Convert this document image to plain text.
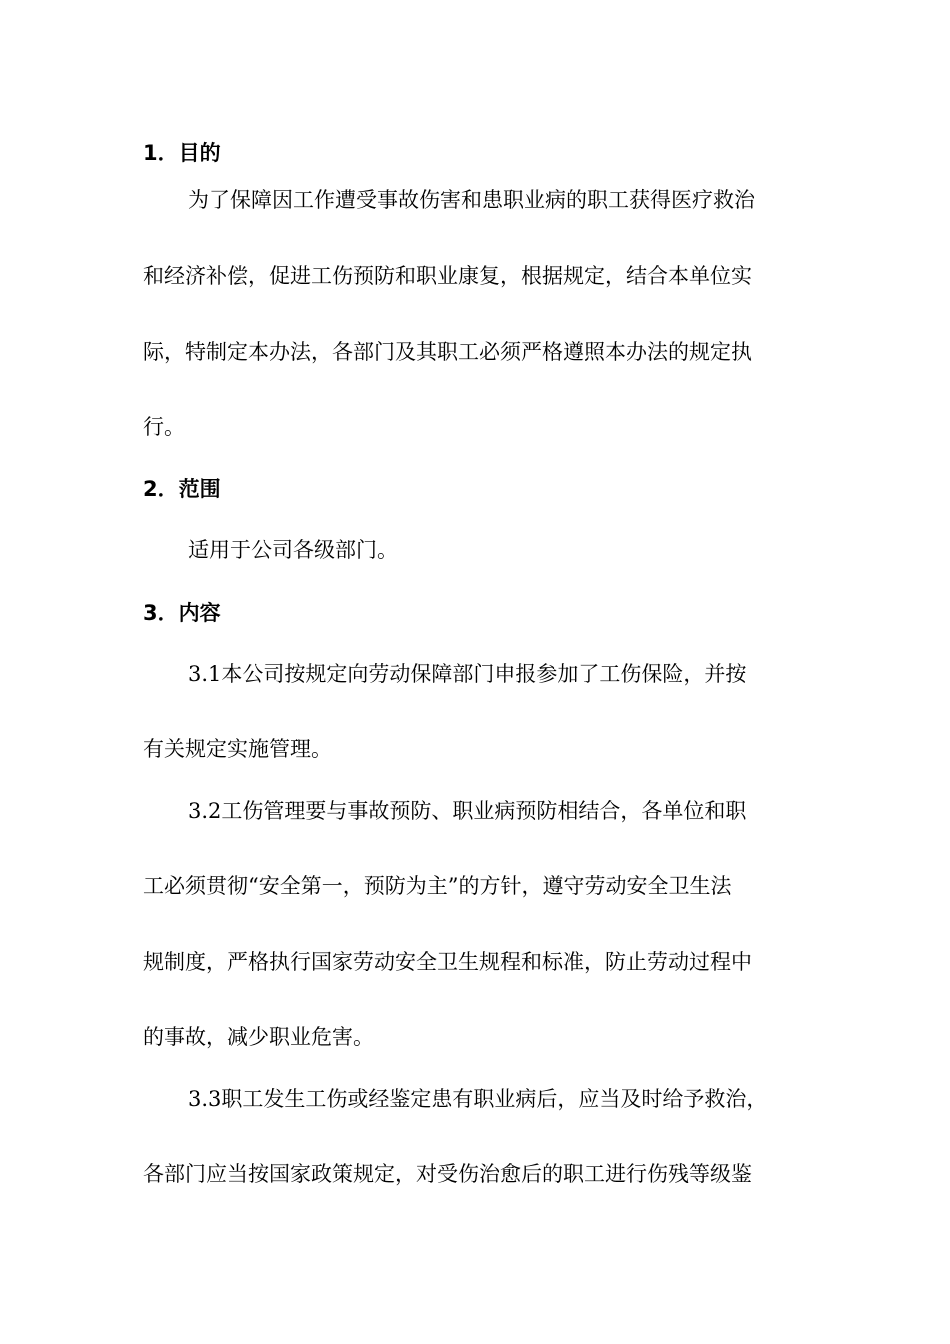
1．目的
为了保障因工作遭受事故伤害和患职业病的职工获得医疗救治
和经济补偿，促进工伤预防和职业康复，根据规定，结合本单位实
际，特制定本办法，各部门及其职工必须严格遵照本办法的规定执
行。
2．范围
适用于公司各级部门。
3．内容
3.1本公司按规定向劳动保障部门申报参加了工伤保险，并按
有关规定实施管理。
3.2工伤管理要与事故预防、职业病预防相结合，各单位和职
工必须贯彻“安全第一，预防为主”的方针，遵守劳动安全卫生法
规制度，严格执行国家劳动安全卫生规程和标准，防止劳动过程中
的事故，减少职业危害。
3.3职工发生工伤或经鉴定患有职业病后，应当及时给予救治，
各部门应当按国家政策规定，对受伤治愈后的职工进行伤残等级鉴
